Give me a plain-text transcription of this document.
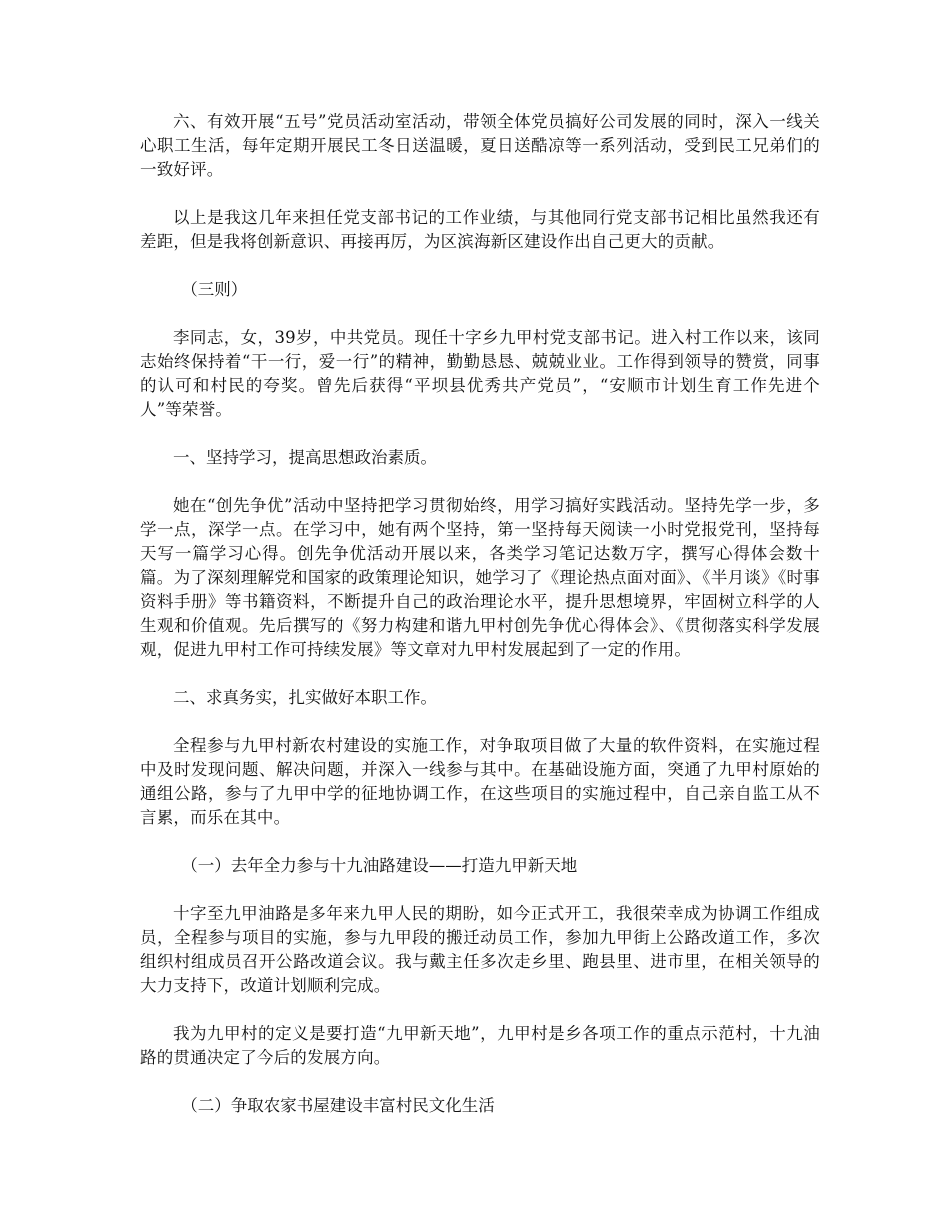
六、有效开展“五号”党员活动室活动，带领全体党员搞好公司发展的同时，深入一线关心职工生活，每年定期开展民工冬日送温暖，夏日送酷凉等一系列活动，受到民工兄弟们的一致好评。

以上是我这几年来担任党支部书记的工作业绩，与其他同行党支部书记相比虽然我还有差距，但是我将创新意识、再接再厉，为区滨海新区建设作出自己更大的贡献。

（三则）

李同志，女，39岁，中共党员。现任十字乡九甲村党支部书记。进入村工作以来，该同志始终保持着“干一行，爱一行”的精神，勤勤恳恳、兢兢业业。工作得到领导的赞赏，同事的认可和村民的夸奖。曾先后获得“平坝县优秀共产党员”，“安顺市计划生育工作先进个人”等荣誉。

一、坚持学习，提高思想政治素质。

她在“创先争优”活动中坚持把学习贯彻始终，用学习搞好实践活动。坚持先学一步，多学一点，深学一点。在学习中，她有两个坚持，第一坚持每天阅读一小时党报党刊，坚持每天写一篇学习心得。创先争优活动开展以来，各类学习笔记达数万字，撰写心得体会数十篇。为了深刻理解党和国家的政策理论知识，她学习了《理论热点面对面》、《半月谈》《时事资料手册》等书籍资料，不断提升自己的政治理论水平，提升思想境界，牢固树立科学的人生观和价值观。先后撰写的《努力构建和谐九甲村创先争优心得体会》、《贯彻落实科学发展观，促进九甲村工作可持续发展》等文章对九甲村发展起到了一定的作用。

二、求真务实，扎实做好本职工作。

全程参与九甲村新农村建设的实施工作，对争取项目做了大量的软件资料，在实施过程中及时发现问题、解决问题，并深入一线参与其中。在基础设施方面，突通了九甲村原始的通组公路，参与了九甲中学的征地协调工作，在这些项目的实施过程中，自己亲自监工从不言累，而乐在其中。

（一）去年全力参与十九油路建设——打造九甲新天地

十字至九甲油路是多年来九甲人民的期盼，如今正式开工，我很荣幸成为协调工作组成员，全程参与项目的实施，参与九甲段的搬迁动员工作，参加九甲街上公路改道工作，多次组织村组成员召开公路改道会议。我与戴主任多次走乡里、跑县里、进市里，在相关领导的大力支持下，改道计划顺利完成。

我为九甲村的定义是要打造“九甲新天地”，九甲村是乡各项工作的重点示范村，十九油路的贯通决定了今后的发展方向。

（二）争取农家书屋建设丰富村民文化生活
